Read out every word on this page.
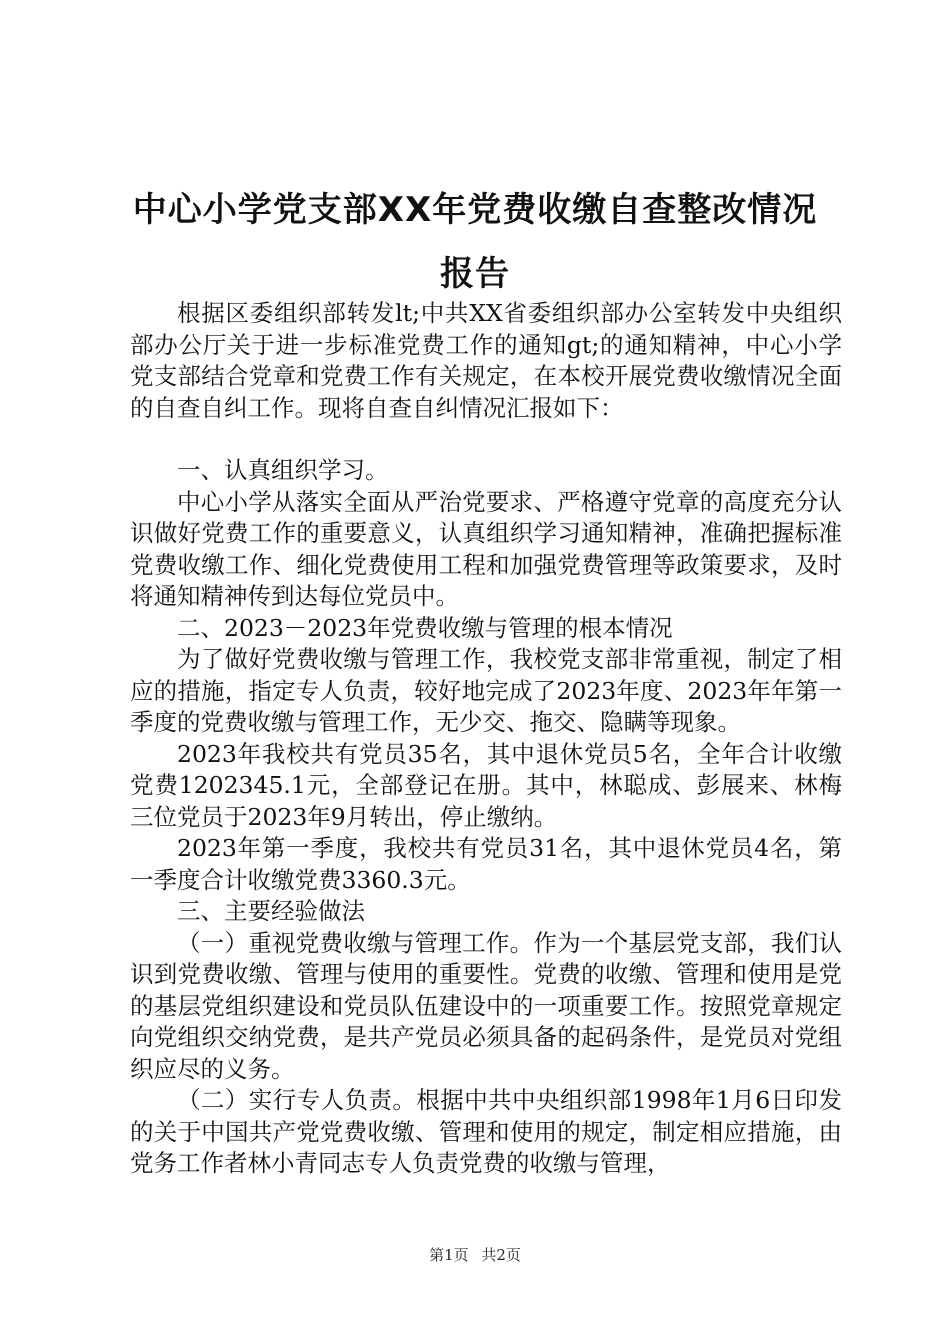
中心小学党支部XX年党费收缴自查整改情况
报告

根据区委组织部转发lt;中共XX省委组织部办公室转发中央组织部办公厅关于进一步标准党费工作的通知gt;的通知精神，中心小学党支部结合党章和党费工作有关规定，在本校开展党费收缴情况全面的自查自纠工作。现将自查自纠情况汇报如下：

一、认真组织学习。

中心小学从落实全面从严治党要求、严格遵守党章的高度充分认识做好党费工作的重要意义，认真组织学习通知精神，准确把握标准党费收缴工作、细化党费使用工程和加强党费管理等政策要求，及时将通知精神传到达每位党员中。

二、2023－2023年党费收缴与管理的根本情况

为了做好党费收缴与管理工作，我校党支部非常重视，制定了相应的措施，指定专人负责，较好地完成了2023年度、2023年年第一季度的党费收缴与管理工作，无少交、拖交、隐瞒等现象。

2023年我校共有党员35名，其中退休党员5名，全年合计收缴党费1202345.1元，全部登记在册。其中，林聪成、彭展来、林梅三位党员于2023年9月转出，停止缴纳。

2023年第一季度，我校共有党员31名，其中退休党员4名，第一季度合计收缴党费3360.3元。

三、主要经验做法

（一）重视党费收缴与管理工作。作为一个基层党支部，我们认识到党费收缴、管理与使用的重要性。党费的收缴、管理和使用是党的基层党组织建设和党员队伍建设中的一项重要工作。按照党章规定向党组织交纳党费，是共产党员必须具备的起码条件，是党员对党组织应尽的义务。

（二）实行专人负责。根据中共中央组织部1998年1月6日印发的关于中国共产党党费收缴、管理和使用的规定，制定相应措施，由党务工作者林小青同志专人负责党费的收缴与管理，

第1页 共2页
